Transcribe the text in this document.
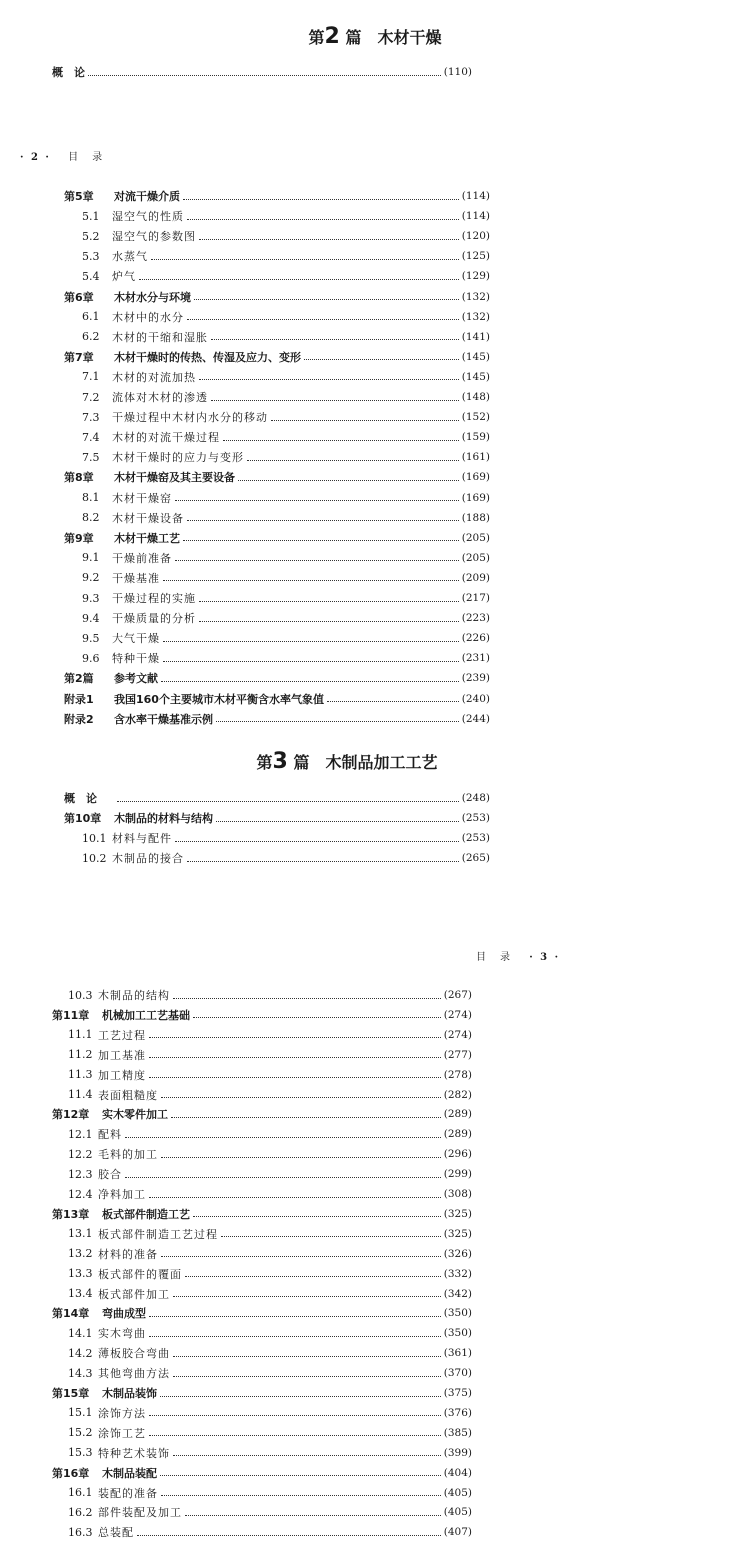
第2 篇　木材干燥
概　论	(110)
· 2 · 目　录
第5章	对流干燥介质	(114)
5.1	湿空气的性质	(114)
5.2	湿空气的参数图	(120)
5.3	水蒸气	(125)
5.4	炉气	(129)
第6章	木材水分与环境	(132)
6.1	木材中的水分	(132)
6.2	木材的干缩和湿胀	(141)
第7章	木材干燥时的传热、传湿及应力、变形	(145)
7.1	木材的对流加热	(145)
7.2	流体对木材的渗透	(148)
7.3	干燥过程中木材内水分的移动	(152)
7.4	木材的对流干燥过程	(159)
7.5	木材干燥时的应力与变形	(161)
第8章	木材干燥窑及其主要设备	(169)
8.1	木材干燥窑	(169)
8.2	木材干燥设备	(188)
第9章	木材干燥工艺	(205)
9.1	干燥前准备	(205)
9.2	干燥基准	(209)
9.3	干燥过程的实施	(217)
9.4	干燥质量的分析	(223)
9.5	大气干燥	(226)
9.6	特种干燥	(231)
第2篇	参考文献	(239)
附录1	我国160个主要城市木材平衡含水率气象值	(240)
附录2	含水率干燥基准示例	(244)
第3 篇　木制品加工工艺
概　论	(248)
第10章	木制品的材料与结构	(253)
10.1 材料与配件	(253)
10.2 木制品的接合	(265)
目　录 · 3 ·
10.3 木制品的结构	(267)
第11章	机械加工工艺基础	(274)
11.1 工艺过程	(274)
11.2 加工基准	(277)
11.3 加工精度	(278)
11.4 表面粗糙度	(282)
第12章	实木零件加工	(289)
12.1 配料	(289)
12.2 毛料的加工	(296)
12.3 胶合	(299)
12.4 净料加工	(308)
第13章	板式部件制造工艺	(325)
13.1 板式部件制造工艺过程	(325)
13.2 材料的准备	(326)
13.3 板式部件的覆面	(332)
13.4 板式部件加工	(342)
第14章	弯曲成型	(350)
14.1 实木弯曲	(350)
14.2 薄板胶合弯曲	(361)
14.3 其他弯曲方法	(370)
第15章	木制品装饰	(375)
15.1 涂饰方法	(376)
15.2 涂饰工艺	(385)
15.3 特种艺术装饰	(399)
第16章	木制品装配	(404)
16.1 装配的准备	(405)
16.2 部件装配及加工	(405)
16.3 总装配	(407)
